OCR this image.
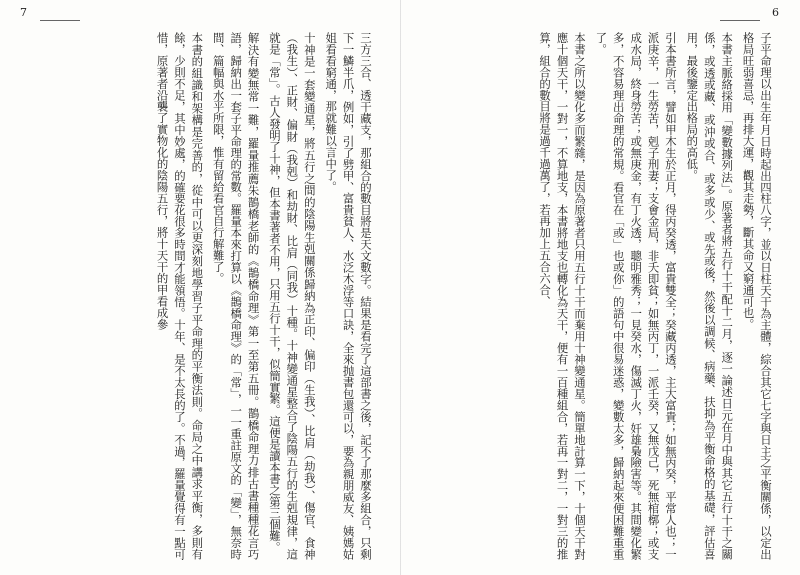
6

子平命理以出生年月日時起出四柱八字，並以日柱天干為主體，綜合其它七字與日主之平衡關係，以定出格局旺弱喜忌，再排大運，觀其走勢，斷其命又窮通可也。

本書主脈絡採用「變數據列法」。原著者將五行十干配十二月，逐一論述日元在月中與其它五行十干之關係，或透或藏、或沖或合、或多或少、或先或後，然後以調候、病藥、扶抑為平衡命格的基礎，評估喜用，最後鑒定出格局的高低。

引本書所言，譬如甲木生於正月，得丙癸透，富貴雙全；癸藏丙透，主大富貴；如無丙癸，平常人也；一派庚辛，一生勞苦，剋子刑妻；支會金局，非夭即貧；如無丙丁，一派壬癸，又無戊己，死無棺槨；或支成水局，終身勞苦；或無庚金，有丁火透，聰明雅秀；一見癸水，傷滅丁火，奸雄梟險害等。其間變化繁多，不容易理出命理的常規。看官在「或」也或你」的語句中很易迷惑，變數太多，歸納起來便困難重重了。

本書之所以變化多而繁雜，是因為原著者只用五行十干而棄用十神變通星。簡單地計算一下，十個天干對應十個天干，一對一，不算地支，本書將地支也轉化為天干，便有一百種組合，若再一對二，一對三的推算，組合的數目將是過千過萬了，若再加上五合六合、

7

三方三合、透干藏支，那組合的數目將是天文數字。結果是看完了這部書之後，記不了那麼多組合，只剩下一鱗半爪，例如，引了劈甲、富貴貧人、水泛木浮等口訣，全來抛書包還可以，要為親朋威友、姨媽姑姐看看窮通，那就難以言中了。

十神是一套變通星，將五行之間的陰陽生剋關係歸納為正印、偏印（生我）、比肩（劫我）、傷官、食神（我生）、正財、偏財（我剋）和劫財、比肩（同我）十種。十神變通星整合了陰陽五行的生剋規律，這就是「常」。古人發明了十神，但本書著者不用，只用五行十干，似簡實繁。這便是讀本書之第三個難。

解決有變無常一難，羅量推薦朱鵲橋老師的《鵲橋命理》第一至第五冊。鵲橋命理力排古書種種花言巧語，歸納出一套子平命理的常數。羅量本來打算以《鵲橋命理》的「常」，一一重註原文的「變」，無奈時間、篇幅與水平所限，惟有留給看官自行解難了。

本書的組識和架構是完善的，從中可以更深刻地學習子平命理的平衡法則。命局之中講求平衡，多則有餘，少則不足，其中妙處，的確要花很多時間才能領悟。十年、是不太長的了。不過，羅量覺得有一點可惜，原著者沿襲了實物化的陰陽五行，將十天干的甲看成參
